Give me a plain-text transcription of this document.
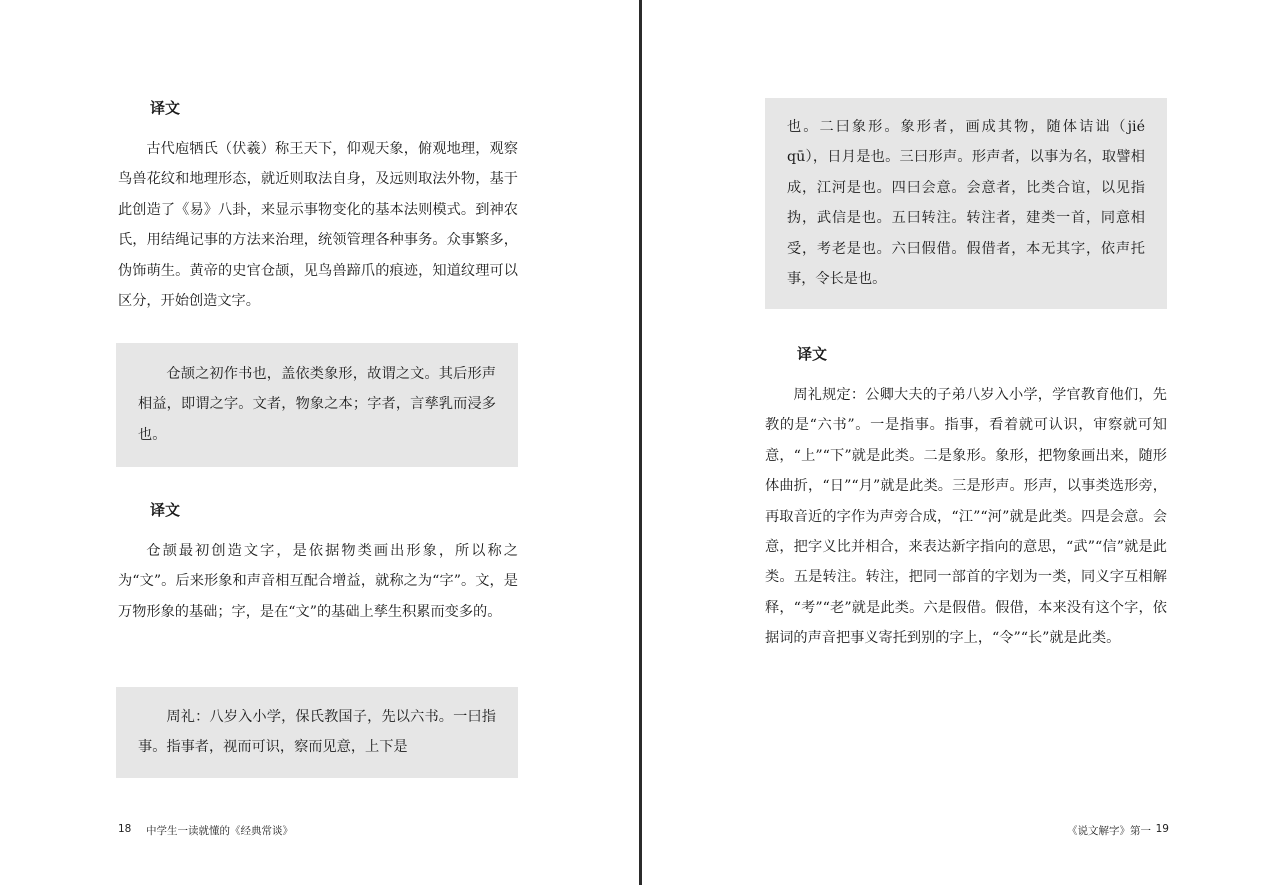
译文

古代庖牺氏（伏羲）称王天下，仰观天象，俯观地理，观察鸟兽花纹和地理形态，就近则取法自身，及远则取法外物，基于此创造了《易》八卦，来显示事物变化的基本法则模式。到神农氏，用结绳记事的方法来治理，统领管理各种事务。众事繁多，伪饰萌生。黄帝的史官仓颉，见鸟兽蹄爪的痕迹，知道纹理可以区分，开始创造文字。

仓颉之初作书也，盖依类象形，故谓之文。其后形声相益，即谓之字。文者，物象之本；字者，言孳乳而浸多也。

译文

仓颉最初创造文字，是依据物类画出形象，所以称之为“文”。后来形象和声音相互配合增益，就称之为“字”。文，是万物形象的基础；字，是在“文”的基础上孳生积累而变多的。

周礼：八岁入小学，保氏教国子，先以六书。一曰指事。指事者，视而可识，察而见意，上下是

18 中学生一读就懂的《经典常谈》

也。二曰象形。象形者，画成其物，随体诘诎（jié qū），日月是也。三曰形声。形声者，以事为名，取譬相成，江河是也。四曰会意。会意者，比类合谊，以见指㧑，武信是也。五曰转注。转注者，建类一首，同意相受，考老是也。六曰假借。假借者，本无其字，依声托事，令长是也。

译文

周礼规定：公卿大夫的子弟八岁入小学，学官教育他们，先教的是“六书”。一是指事。指事，看着就可认识，审察就可知意，“上”“下”就是此类。二是象形。象形，把物象画出来，随形体曲折，“日”“月”就是此类。三是形声。形声，以事类选形旁，再取音近的字作为声旁合成，“江”“河”就是此类。四是会意。会意，把字义比并相合，来表达新字指向的意思，“武”“信”就是此类。五是转注。转注，把同一部首的字划为一类，同义字互相解释，“考”“老”就是此类。六是假借。假借，本来没有这个字，依据词的声音把事义寄托到别的字上，“令”“长”就是此类。

《说文解字》第一 19
